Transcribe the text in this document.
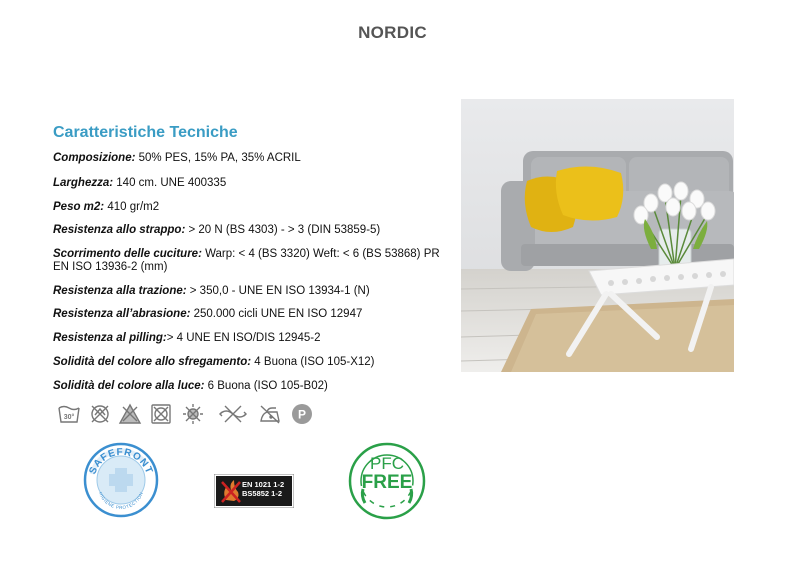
NORDIC
Caratteristiche Tecniche
Composizione: 50% PES, 15% PA, 35% ACRIL
Larghezza: 140 cm. UNE 400335
Peso m2: 410 gr/m2
Resistenza allo strappo: > 20 N (BS 4303) - > 3 (DIN 53859-5)
Scorrimento delle cuciture: Warp: < 4 (BS 3320) Weft: < 6 (BS 53868) PR EN ISO 13936-2 (mm)
Resistenza alla trazione: > 350,0 - UNE EN ISO 13934-1 (N)
Resistenza all’abrasione: 250.000 cicli UNE EN ISO 12947
Resistenza al pilling:> 4 UNE EN ISO/DIS 12945-2
Solidità del colore allo sfregamento: 4 Buona (ISO 105-X12)
Solidità del colore alla luce: 6 Buona (ISO 105-B02)
30°	P
SAFEFRONT
HIGIENE PROTECTION
EN 1021 1-2
BS5852 1-2
PFC
FREE
